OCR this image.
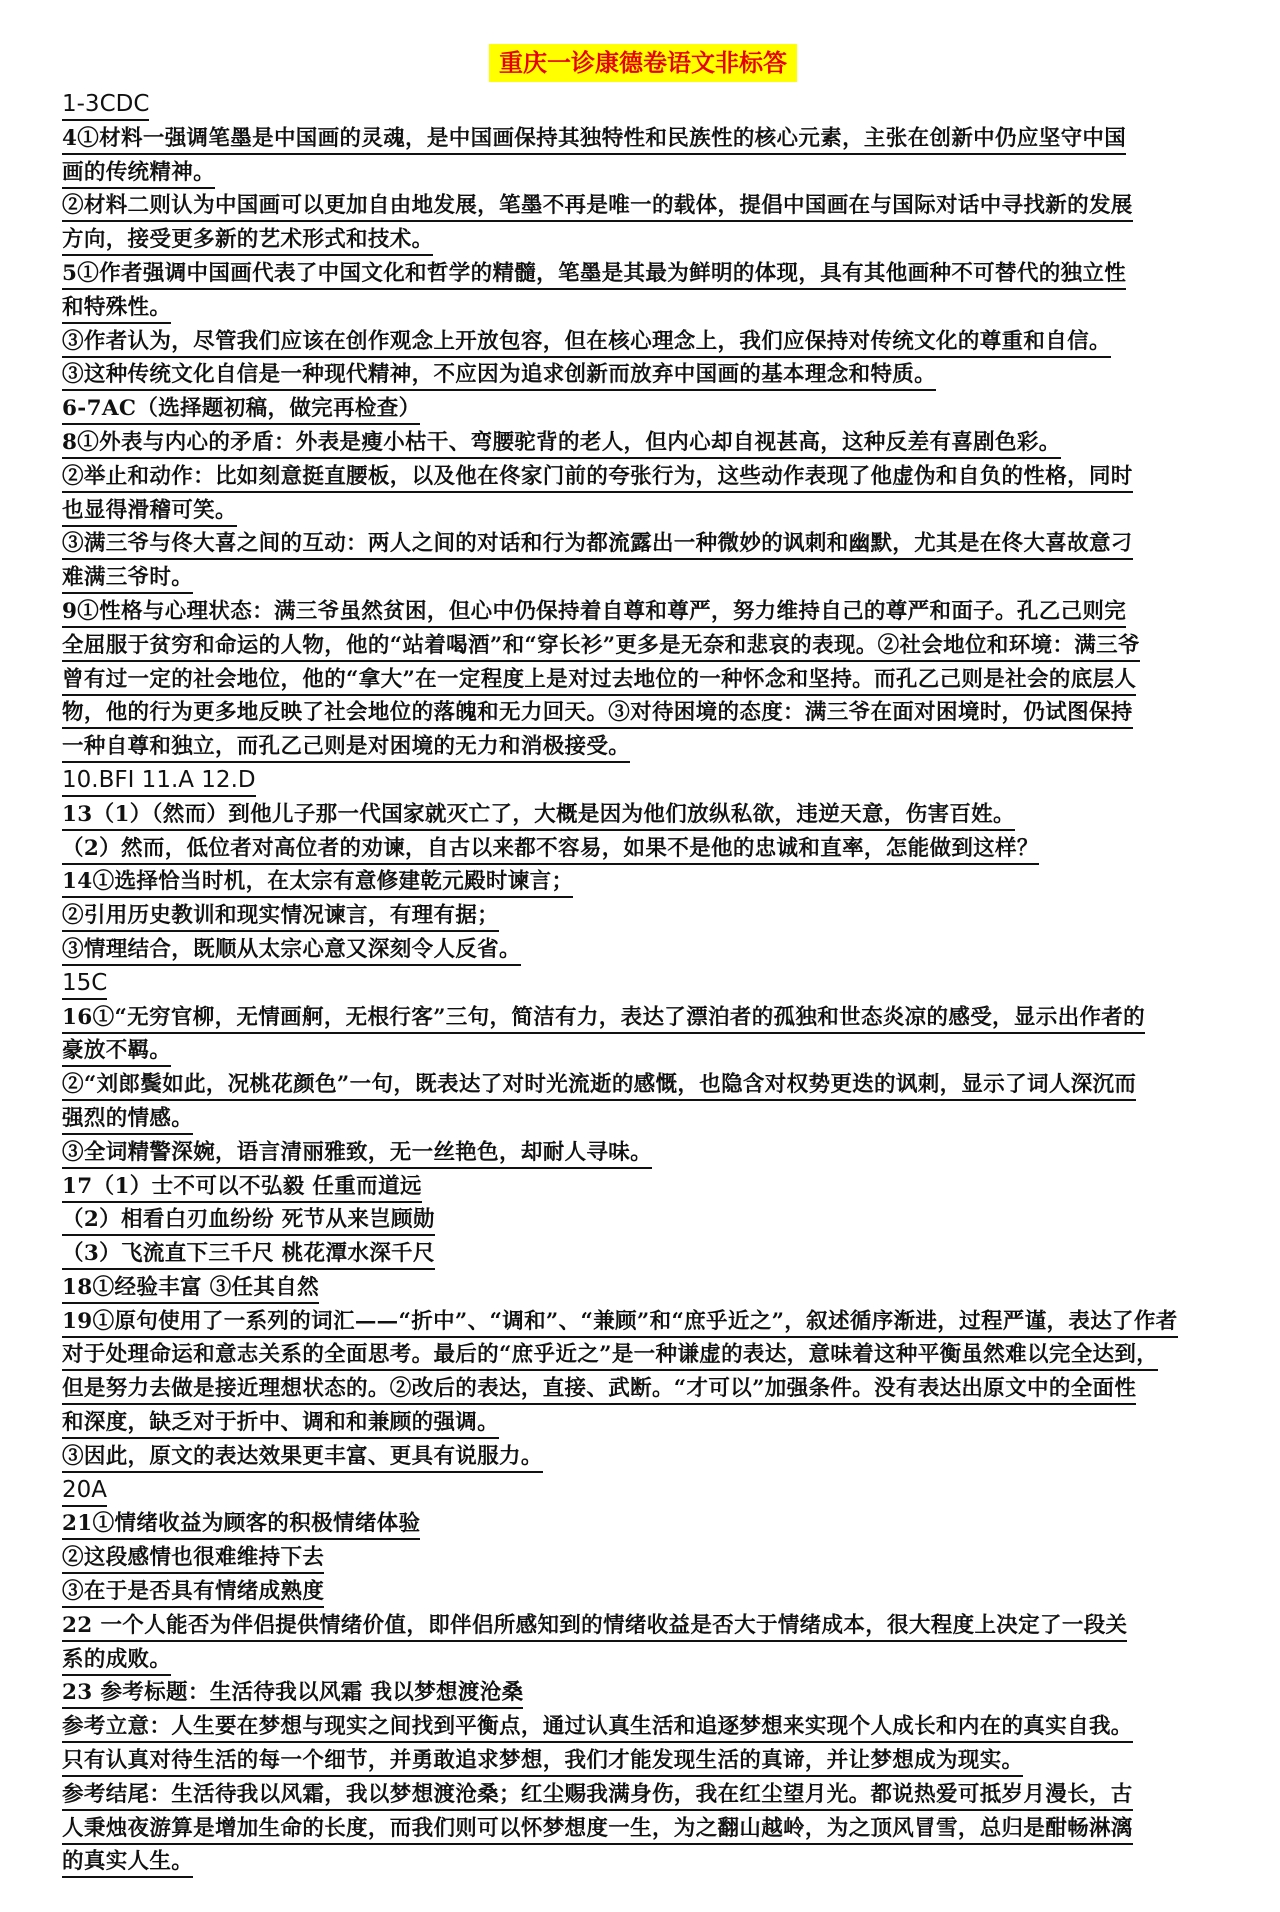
重庆一诊康德卷语文非标答
1-3CDC
4①材料一强调笔墨是中国画的灵魂，是中国画保持其独特性和民族性的核心元素，主张在创新中仍应坚守中国
画的传统精神。
②材料二则认为中国画可以更加自由地发展，笔墨不再是唯一的载体，提倡中国画在与国际对话中寻找新的发展
方向，接受更多新的艺术形式和技术。
5①作者强调中国画代表了中国文化和哲学的精髓，笔墨是其最为鲜明的体现，具有其他画种不可替代的独立性
和特殊性。
③作者认为，尽管我们应该在创作观念上开放包容，但在核心理念上，我们应保持对传统文化的尊重和自信。
③这种传统文化自信是一种现代精神，不应因为追求创新而放弃中国画的基本理念和特质。
6-7AC（选择题初稿，做完再检查）
8①外表与内心的矛盾：外表是瘦小枯干、弯腰驼背的老人，但内心却自视甚高，这种反差有喜剧色彩。
②举止和动作：比如刻意挺直腰板，以及他在佟家门前的夸张行为，这些动作表现了他虚伪和自负的性格，同时
也显得滑稽可笑。
③满三爷与佟大喜之间的互动：两人之间的对话和行为都流露出一种微妙的讽刺和幽默，尤其是在佟大喜故意刁
难满三爷时。
9①性格与心理状态：满三爷虽然贫困，但心中仍保持着自尊和尊严，努力维持自己的尊严和面子。孔乙己则完
全屈服于贫穷和命运的人物，他的“站着喝酒”和“穿长衫”更多是无奈和悲哀的表现。②社会地位和环境：满三爷
曾有过一定的社会地位，他的“拿大”在一定程度上是对过去地位的一种怀念和坚持。而孔乙己则是社会的底层人
物，他的行为更多地反映了社会地位的落魄和无力回天。③对待困境的态度：满三爷在面对困境时，仍试图保持
一种自尊和独立，而孔乙己则是对困境的无力和消极接受。
10.BFI 11.A 12.D
13（1）（然而）到他儿子那一代国家就灭亡了，大概是因为他们放纵私欲，违逆天意，伤害百姓。
（2）然而，低位者对高位者的劝谏，自古以来都不容易，如果不是他的忠诚和直率，怎能做到这样？
14①选择恰当时机，在太宗有意修建乾元殿时谏言；
②引用历史教训和现实情况谏言，有理有据；
③情理结合，既顺从太宗心意又深刻令人反省。
15C
16①“无穷官柳，无情画舸，无根行客”三句，简洁有力，表达了漂泊者的孤独和世态炎凉的感受，显示出作者的
豪放不羁。
②“刘郎鬓如此，况桃花颜色”一句，既表达了对时光流逝的感慨，也隐含对权势更迭的讽刺，显示了词人深沉而
强烈的情感。
③全词精警深婉，语言清丽雅致，无一丝艳色，却耐人寻味。
17（1）士不可以不弘毅 任重而道远
（2）相看白刃血纷纷 死节从来岂顾勋
（3）飞流直下三千尺 桃花潭水深千尺
18①经验丰富 ③任其自然
19①原句使用了一系列的词汇——“折中”、“调和”、“兼顾”和“庶乎近之”，叙述循序渐进，过程严谨，表达了作者
对于处理命运和意志关系的全面思考。最后的“庶乎近之”是一种谦虚的表达，意味着这种平衡虽然难以完全达到，
但是努力去做是接近理想状态的。②改后的表达，直接、武断。“才可以”加强条件。没有表达出原文中的全面性
和深度，缺乏对于折中、调和和兼顾的强调。
③因此，原文的表达效果更丰富、更具有说服力。
20A
21①情绪收益为顾客的积极情绪体验
②这段感情也很难维持下去
③在于是否具有情绪成熟度
22 一个人能否为伴侣提供情绪价值，即伴侣所感知到的情绪收益是否大于情绪成本，很大程度上决定了一段关
系的成败。
23 参考标题：生活待我以风霜 我以梦想渡沧桑
参考立意：人生要在梦想与现实之间找到平衡点，通过认真生活和追逐梦想来实现个人成长和内在的真实自我。
只有认真对待生活的每一个细节，并勇敢追求梦想，我们才能发现生活的真谛，并让梦想成为现实。
参考结尾：生活待我以风霜，我以梦想渡沧桑；红尘赐我满身伤，我在红尘望月光。都说热爱可抵岁月漫长，古
人秉烛夜游算是增加生命的长度，而我们则可以怀梦想度一生，为之翻山越岭，为之顶风冒雪，总归是酣畅淋漓
的真实人生。
